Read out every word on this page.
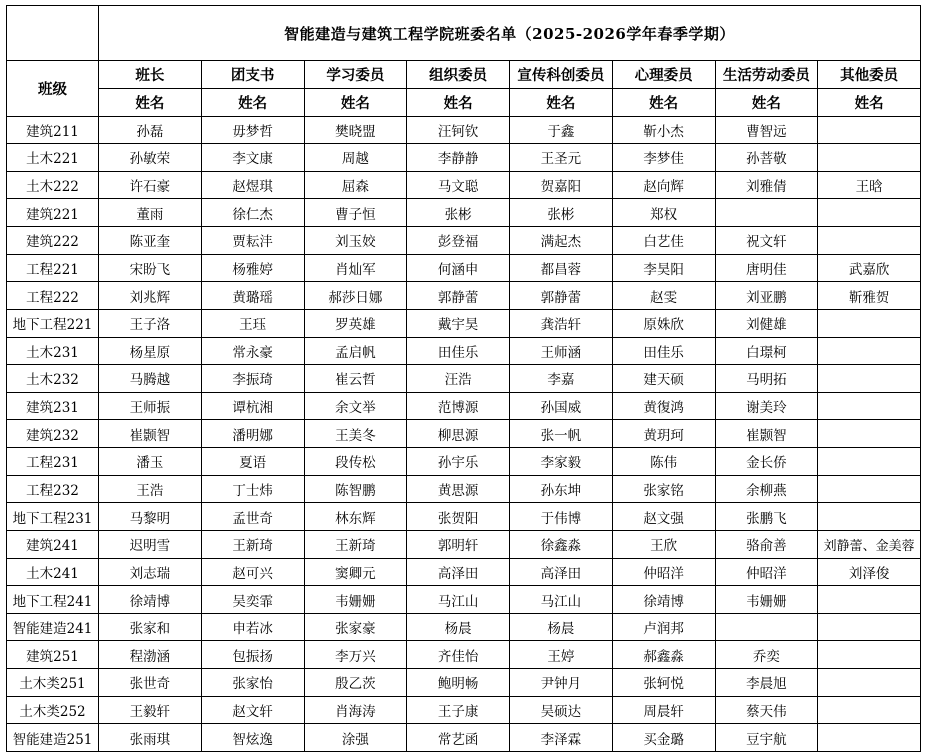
智能建造与建筑工程学院班委名单（2025-2026学年春季学期）
班级
班长	团支书	学习委员	组织委员	宣传科创委员	心理委员	生活劳动委员	其他委员
姓名	姓名	姓名	姓名	姓名	姓名	姓名	姓名
建筑211	孙磊	毋梦哲	樊晓盟	汪钶钦	于鑫	靳小杰	曹智远
土木221	孙敏荣	李文康	周越	李静静	王圣元	李梦佳	孙菩敬
土木222	许石豪	赵煜琪	屈森	马文聪	贺嘉阳	赵向辉	刘雅倩	王晗
建筑221	董雨	徐仁杰	曹子恒	张彬	张彬	郑权
建筑222	陈亚奎	贾耘沣	刘玉姣	彭登福	满起杰	白艺佳	祝文轩
工程221	宋盼飞	杨雅婷	肖灿军	何涵申	都昌蓉	李昊阳	唐明佳	武嘉欣
工程222	刘兆辉	黄璐瑶	郝莎日娜	郭静蕾	郭静蕾	赵雯	刘亚鹏	靳雅贺
地下工程221	王子洛	王珏	罗英雄	戴宇昊	龚浩轩	原姝欣	刘健雄
土木231	杨星原	常永豪	孟启帆	田佳乐	王师涵	田佳乐	白璟柯
土木232	马腾越	李振琦	崔云哲	汪浩	李嘉	建天硕	马明拓
建筑231	王师振	谭杭湘	余文举	范博源	孙国威	黄復鸿	谢美玲
建筑232	崔颢智	潘明娜	王美冬	柳思源	张一帆	黄玥珂	崔颢智
工程231	潘玉	夏语	段传松	孙宇乐	李家毅	陈伟	金长侨
工程232	王浩	丁士炜	陈智鹏	黄思源	孙东坤	张家铭	余柳燕
地下工程231	马黎明	孟世奇	林东辉	张贺阳	于伟博	赵文强	张鹏飞
建筑241	迟明雪	王新琦	王新琦	郭明轩	徐鑫淼	王欣	骆俞善	刘静蕾、金美蓉
土木241	刘志瑞	赵可兴	窦卿元	高泽田	高泽田	仲昭洋	仲昭洋	刘泽俊
地下工程241	徐靖博	吴奕霏	韦姗姗	马江山	马江山	徐靖博	韦姗姗
智能建造241	张家和	申若冰	张家豪	杨晨	杨晨	卢润邦
建筑251	程渤涵	包振扬	李万兴	齐佳怡	王婷	郝鑫淼	乔奕
土木类251	张世奇	张家怡	殷乙茨	鲍明畅	尹钟月	张轲悦	李晨旭
土木类252	王毅轩	赵文轩	肖海涛	王子康	吴硕达	周晨轩	蔡天伟
智能建造251	张雨琪	智炫逸	涂强	常艺函	李泽霖	买金璐	豆宇航
